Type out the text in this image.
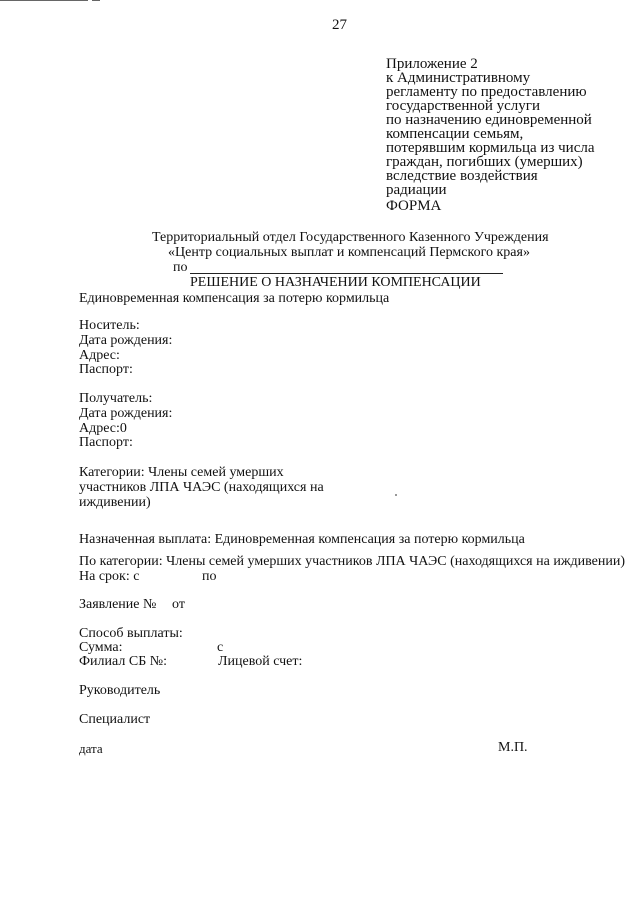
27
Приложение 2
к Административному
регламенту по предоставлению
государственной услуги
по назначению единовременной
компенсации семьям,
потерявшим кормильца из числа
граждан, погибших (умерших)
вследствие воздействия
радиации
ФОРМА
Территориальный отдел Государственного Казенного Учреждения
«Центр социальных выплат и компенсаций Пермского края»
по
РЕШЕНИЕ О НАЗНАЧЕНИИ КОМПЕНСАЦИИ
Единовременная компенсация за потерю кормильца
Носитель:
Дата рождения:
Адрес:
Паспорт:
Получатель:
Дата рождения:
Адрес:0
Паспорт:
Категории: Члены семей умерших
участников ЛПА ЧАЭС (находящихся на
иждивении)
Назначенная выплата: Единовременная компенсация за потерю кормильца
По категории: Члены семей умерших участников ЛПА ЧАЭС (находящихся на иждивении)
На срок: с	по
Заявление № от
Способ выплаты:
Сумма:	с
Филиал СБ №:	Лицевой счет:
Руководитель
Специалист
дата	М.П.
